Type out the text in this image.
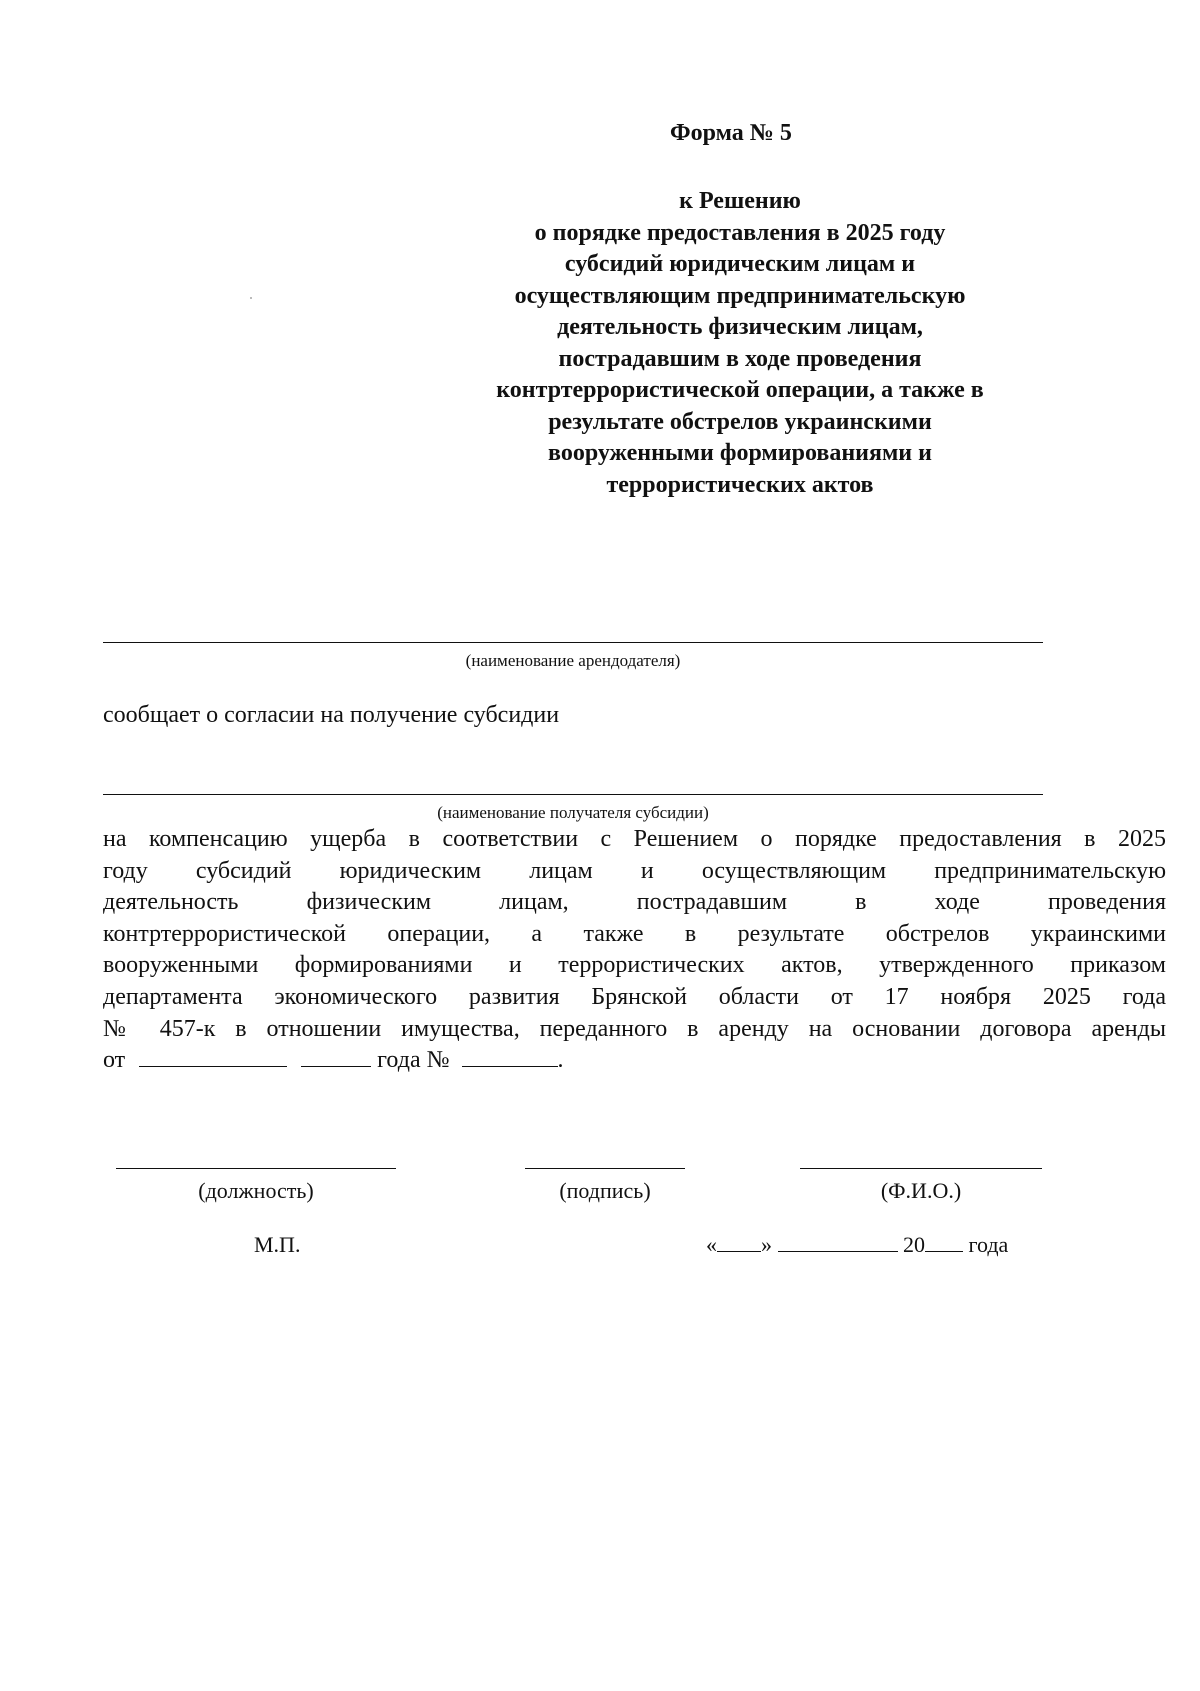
Форма № 5
к Решению
о порядке предоставления в 2025 году
субсидий юридическим лицам и
осуществляющим предпринимательскую
деятельность физическим лицам,
пострадавшим в ходе проведения
контртеррористической операции, а также в
результате обстрелов украинскими
вооруженными формированиями и
террористических актов
(наименование арендодателя)
сообщает о согласии на получение субсидии
(наименование получателя субсидии)
на компенсацию ущерба в соответствии с Решением о порядке предоставления в 2025
году субсидий юридическим лицам и осуществляющим предпринимательскую
деятельность физическим лицам, пострадавшим в ходе проведения
контртеррористической операции, а также в результате обстрелов украинскими
вооруженными формированиями и террористических актов, утвержденного приказом
департамента экономического развития Брянской области от 17 ноября 2025 года
№ 457-к в отношении имущества, переданного в аренду на основании договора аренды
от	года №	.
(должность)	(подпись)	(Ф.И.О.)
М.П.	« »	20 года
